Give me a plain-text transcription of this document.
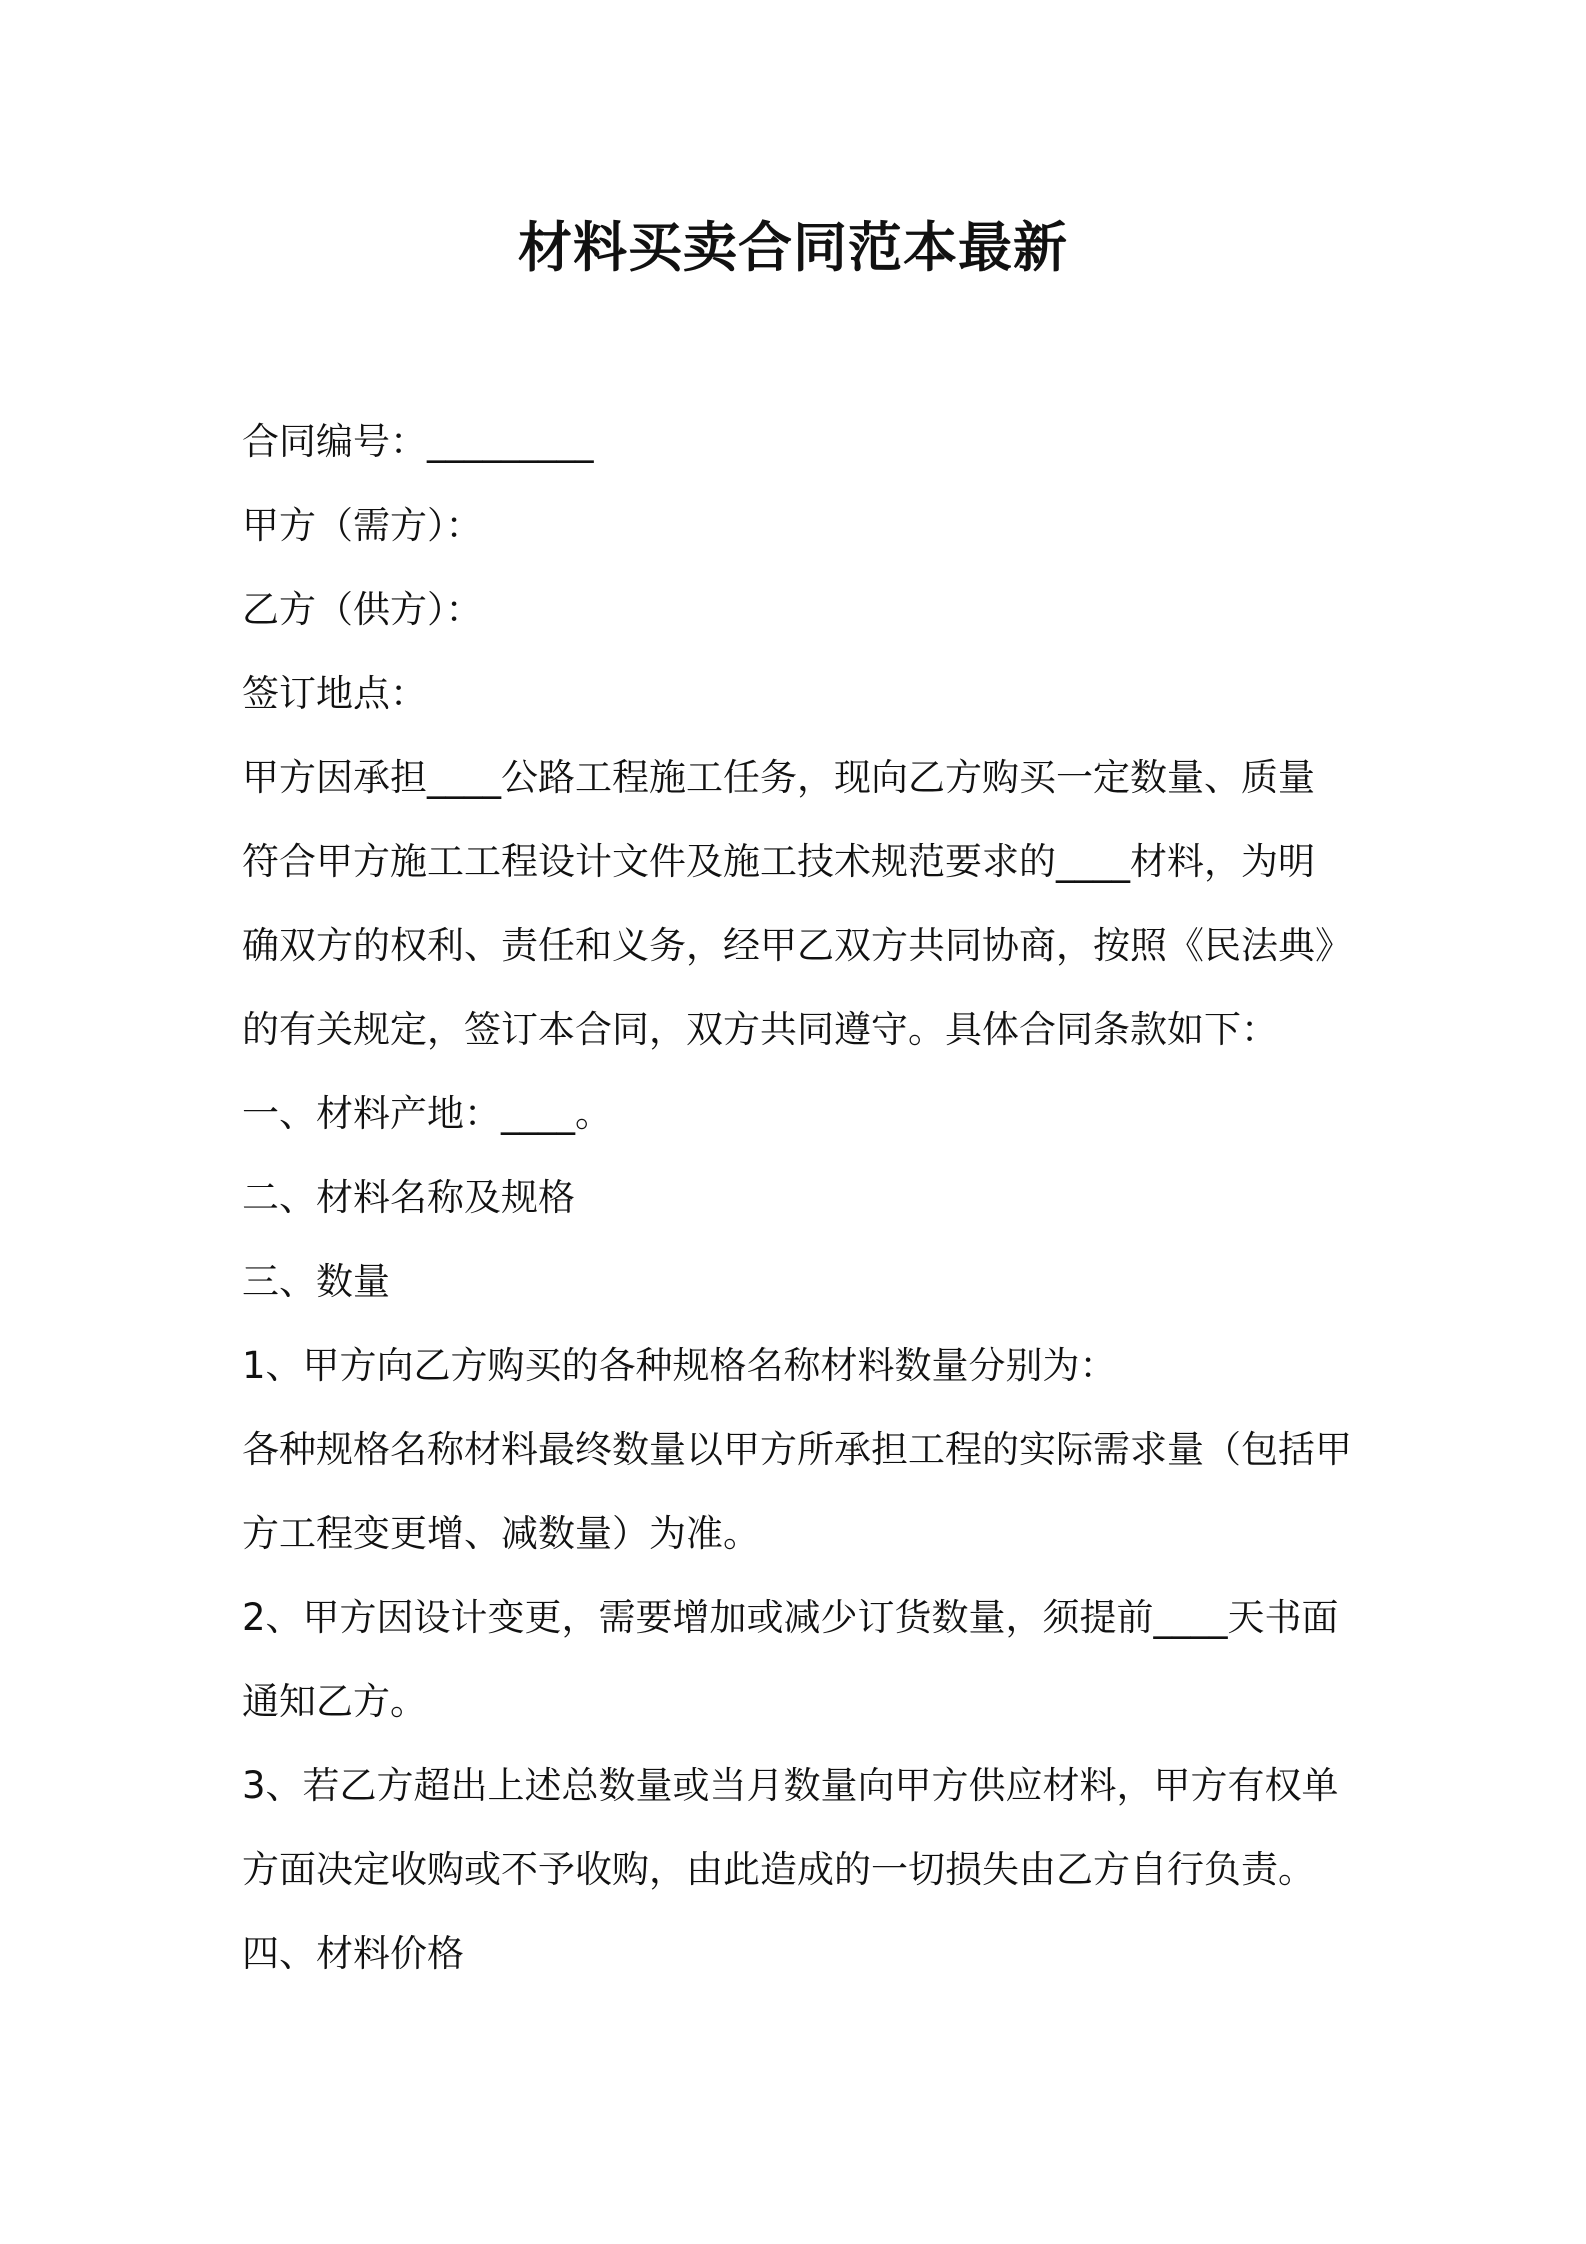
材料买卖合同范本最新
合同编号：_________
甲方（需方）：
乙方（供方）：
签订地点：
甲方因承担____公路工程施工任务，现向乙方购买一定数量、质量
符合甲方施工工程设计文件及施工技术规范要求的____材料，为明
确双方的权利、责任和义务，经甲乙双方共同协商，按照《民法典》
的有关规定，签订本合同，双方共同遵守。具体合同条款如下：
一、材料产地：____。
二、材料名称及规格
三、数量
1、甲方向乙方购买的各种规格名称材料数量分别为：
各种规格名称材料最终数量以甲方所承担工程的实际需求量（包括甲
方工程变更增、减数量）为准。
2、甲方因设计变更，需要增加或减少订货数量，须提前____天书面
通知乙方。
3、若乙方超出上述总数量或当月数量向甲方供应材料，甲方有权单
方面决定收购或不予收购，由此造成的一切损失由乙方自行负责。
四、材料价格
